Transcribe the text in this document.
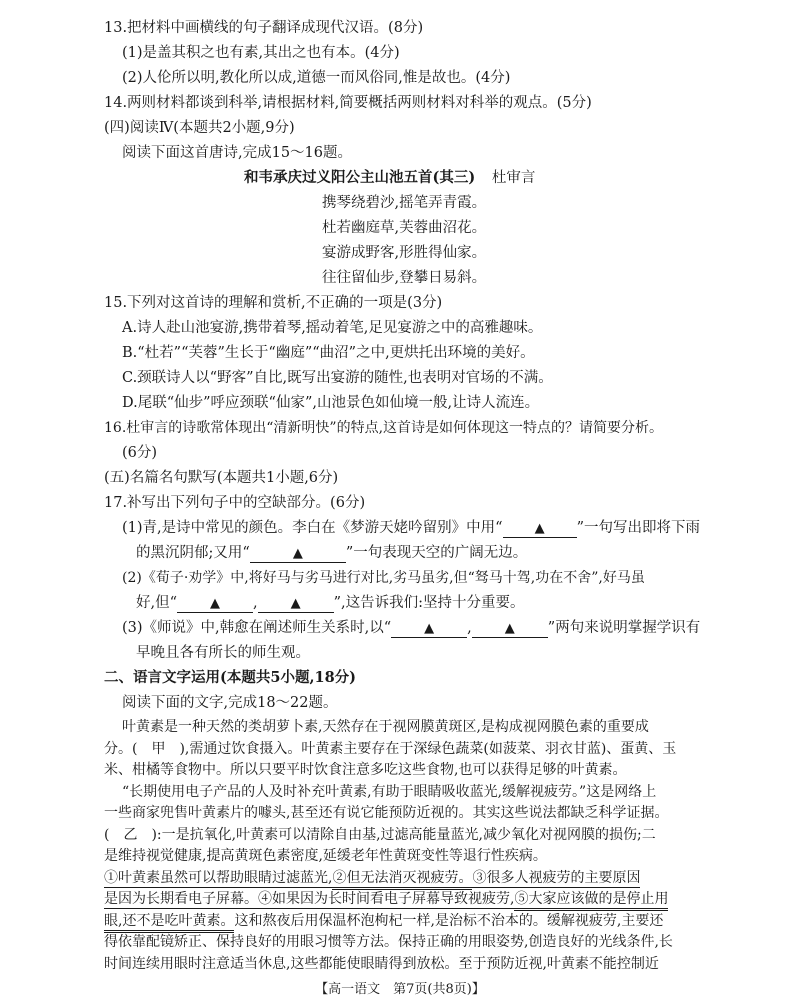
13.把材料中画横线的句子翻译成现代汉语。(8分)
(1)是盖其积之也有素,其出之也有本。(4分)
(2)人伦所以明,教化所以成,道德一而风俗同,惟是故也。(4分)
14.两则材料都谈到科举,请根据材料,简要概括两则材料对科举的观点。(5分)
(四)阅读Ⅳ(本题共2小题,9分)
阅读下面这首唐诗,完成15～16题。
和韦承庆过义阳公主山池五首(其三) 杜审言
携琴绕碧沙,摇笔弄青霞。
杜若幽庭草,芙蓉曲沼花。
宴游成野客,形胜得仙家。
往往留仙步,登攀日易斜。
15.下列对这首诗的理解和赏析,不正确的一项是(3分)
A.诗人赴山池宴游,携带着琴,摇动着笔,足见宴游之中的高雅趣味。
B.“杜若”“芙蓉”生长于“幽庭”“曲沼”之中,更烘托出环境的美好。
C.颈联诗人以“野客”自比,既写出宴游的随性,也表明对官场的不满。
D.尾联“仙步”呼应颈联“仙家”,山池景色如仙境一般,让诗人流连。
16.杜审言的诗歌常体现出“清新明快”的特点,这首诗是如何体现这一特点的？请简要分析。
(6分)
(五)名篇名句默写(本题共1小题,6分)
17.补写出下列句子中的空缺部分。(6分)
(1)青,是诗中常见的颜色。李白在《梦游天姥吟留别》中用“ ▲ ”一句写出即将下雨
的黑沉阴郁;又用“	▲	”一句表现天空的广阔无边。
(2)《荀子·劝学》中,将好马与劣马进行对比,劣马虽劣,但“驽马十驾,功在不舍”,好马虽
好,但“	▲ ,	▲ ”,这告诉我们:坚持十分重要。
(3)《师说》中,韩愈在阐述师生关系时,以“	▲ ,	▲ ”两句来说明掌握学识有
早晚且各有所长的师生观。
二、语言文字运用(本题共5小题,18分)
阅读下面的文字,完成18～22题。
叶黄素是一种天然的类胡萝卜素,天然存在于视网膜黄斑区,是构成视网膜色素的重要成
分。(　甲　),需通过饮食摄入。叶黄素主要存在于深绿色蔬菜(如菠菜、羽衣甘蓝)、蛋黄、玉
米、柑橘等食物中。所以只要平时饮食注意多吃这些食物,也可以获得足够的叶黄素。
“长期使用电子产品的人及时补充叶黄素,有助于眼睛吸收蓝光,缓解视疲劳。”这是网络上
一些商家兜售叶黄素片的噱头,甚至还有说它能预防近视的。其实这些说法都缺乏科学证据。
(　乙　):一是抗氧化,叶黄素可以清除自由基,过滤高能量蓝光,减少氧化对视网膜的损伤;二
是维持视觉健康,提高黄斑色素密度,延缓老年性黄斑变性等退行性疾病。
①叶黄素虽然可以帮助眼睛过滤蓝光,②但无法消灭视疲劳。③很多人视疲劳的主要原因
是因为长期看电子屏幕。④如果因为长时间看电子屏幕导致视疲劳,⑤大家应该做的是停止用
眼,还不是吃叶黄素。这和熬夜后用保温杯泡枸杞一样,是治标不治本的。缓解视疲劳,主要还
得依靠配镜矫正、保持良好的用眼习惯等方法。保持正确的用眼姿势,创造良好的光线条件,长
时间连续用眼时注意适当休息,这些都能使眼睛得到放松。至于预防近视,叶黄素不能控制近
【高一语文　第7页(共8页)】
